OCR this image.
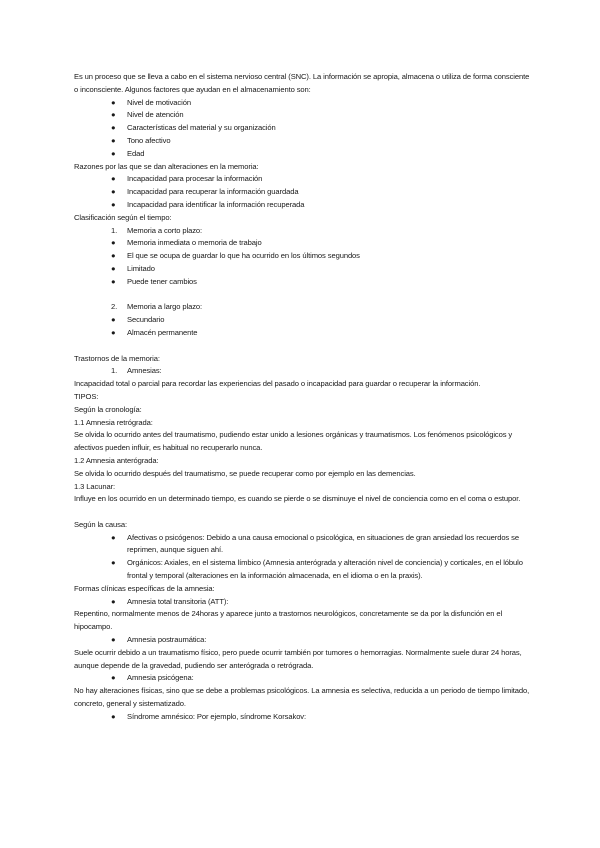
Es un proceso que se lleva a cabo en el sistema nervioso central (SNC). La información se apropia, almacena o utiliza de forma consciente o inconsciente. Algunos factores que ayudan en el almacenamiento son:

● Nivel de motivación
● Nivel de atención
● Características del material y su organización
● Tono afectivo
● Edad

Razones por las que se dan alteraciones en la memoria:

● Incapacidad para procesar la información
● Incapacidad para recuperar la información guardada
● Incapacidad para identificar la información recuperada

Clasificación según el tiempo:

1. Memoria a corto plazo:
● Memoria inmediata o memoria de trabajo
● El que se ocupa de guardar lo que ha ocurrido en los últimos segundos
● Limitado
● Puede tener cambios
2. Memoria a largo plazo:
● Secundario
● Almacén permanente

Trastornos de la memoria:

1. Amnesias:

Incapacidad total o parcial para recordar las experiencias del pasado o incapacidad para guardar o recuperar la información.

TIPOS:

Según la cronología:

1.1 Amnesia retrógrada:

Se olvida lo ocurrido antes del traumatismo, pudiendo estar unido a lesiones orgánicas y traumatismos. Los fenómenos psicológicos y afectivos pueden influir, es habitual no recuperarlo nunca.

1.2 Amnesia anterógrada:

Se olvida lo ocurrido después del traumatismo, se puede recuperar como por ejemplo en las demencias.

1.3 Lacunar:

Influye en los ocurrido en un determinado tiempo, es cuando se pierde o se disminuye el nivel de conciencia como en el coma o estupor.

Según la causa:

● Afectivas o psicógenos: Debido a una causa emocional o psicológica, en situaciones de gran ansiedad los recuerdos se reprimen, aunque siguen ahí.
● Orgánicos: Axiales, en el sistema límbico (Amnesia anterógrada y alteración nivel de conciencia) y corticales, en el lóbulo frontal y temporal (alteraciones en la información almacenada, en el idioma o en la praxis).

Formas clínicas específicas de la amnesia:

● Amnesia total transitoria (ATT):

Repentino, normalmente menos de 24horas y aparece junto a trastornos neurológicos, concretamente se da por la disfunción en el hipocampo.

● Amnesia postraumática:

Suele ocurrir debido a un traumatismo físico, pero puede ocurrir también por tumores o hemorragias. Normalmente suele durar 24 horas, aunque depende de la gravedad, pudiendo ser anterógrada o retrógrada.

● Amnesia psicógena:

No hay alteraciones físicas, sino que se debe a problemas psicológicos. La amnesia es selectiva, reducida a un periodo de tiempo limitado, concreto, general y sistematizado.

● Síndrome amnésico: Por ejemplo, síndrome Korsakov:
